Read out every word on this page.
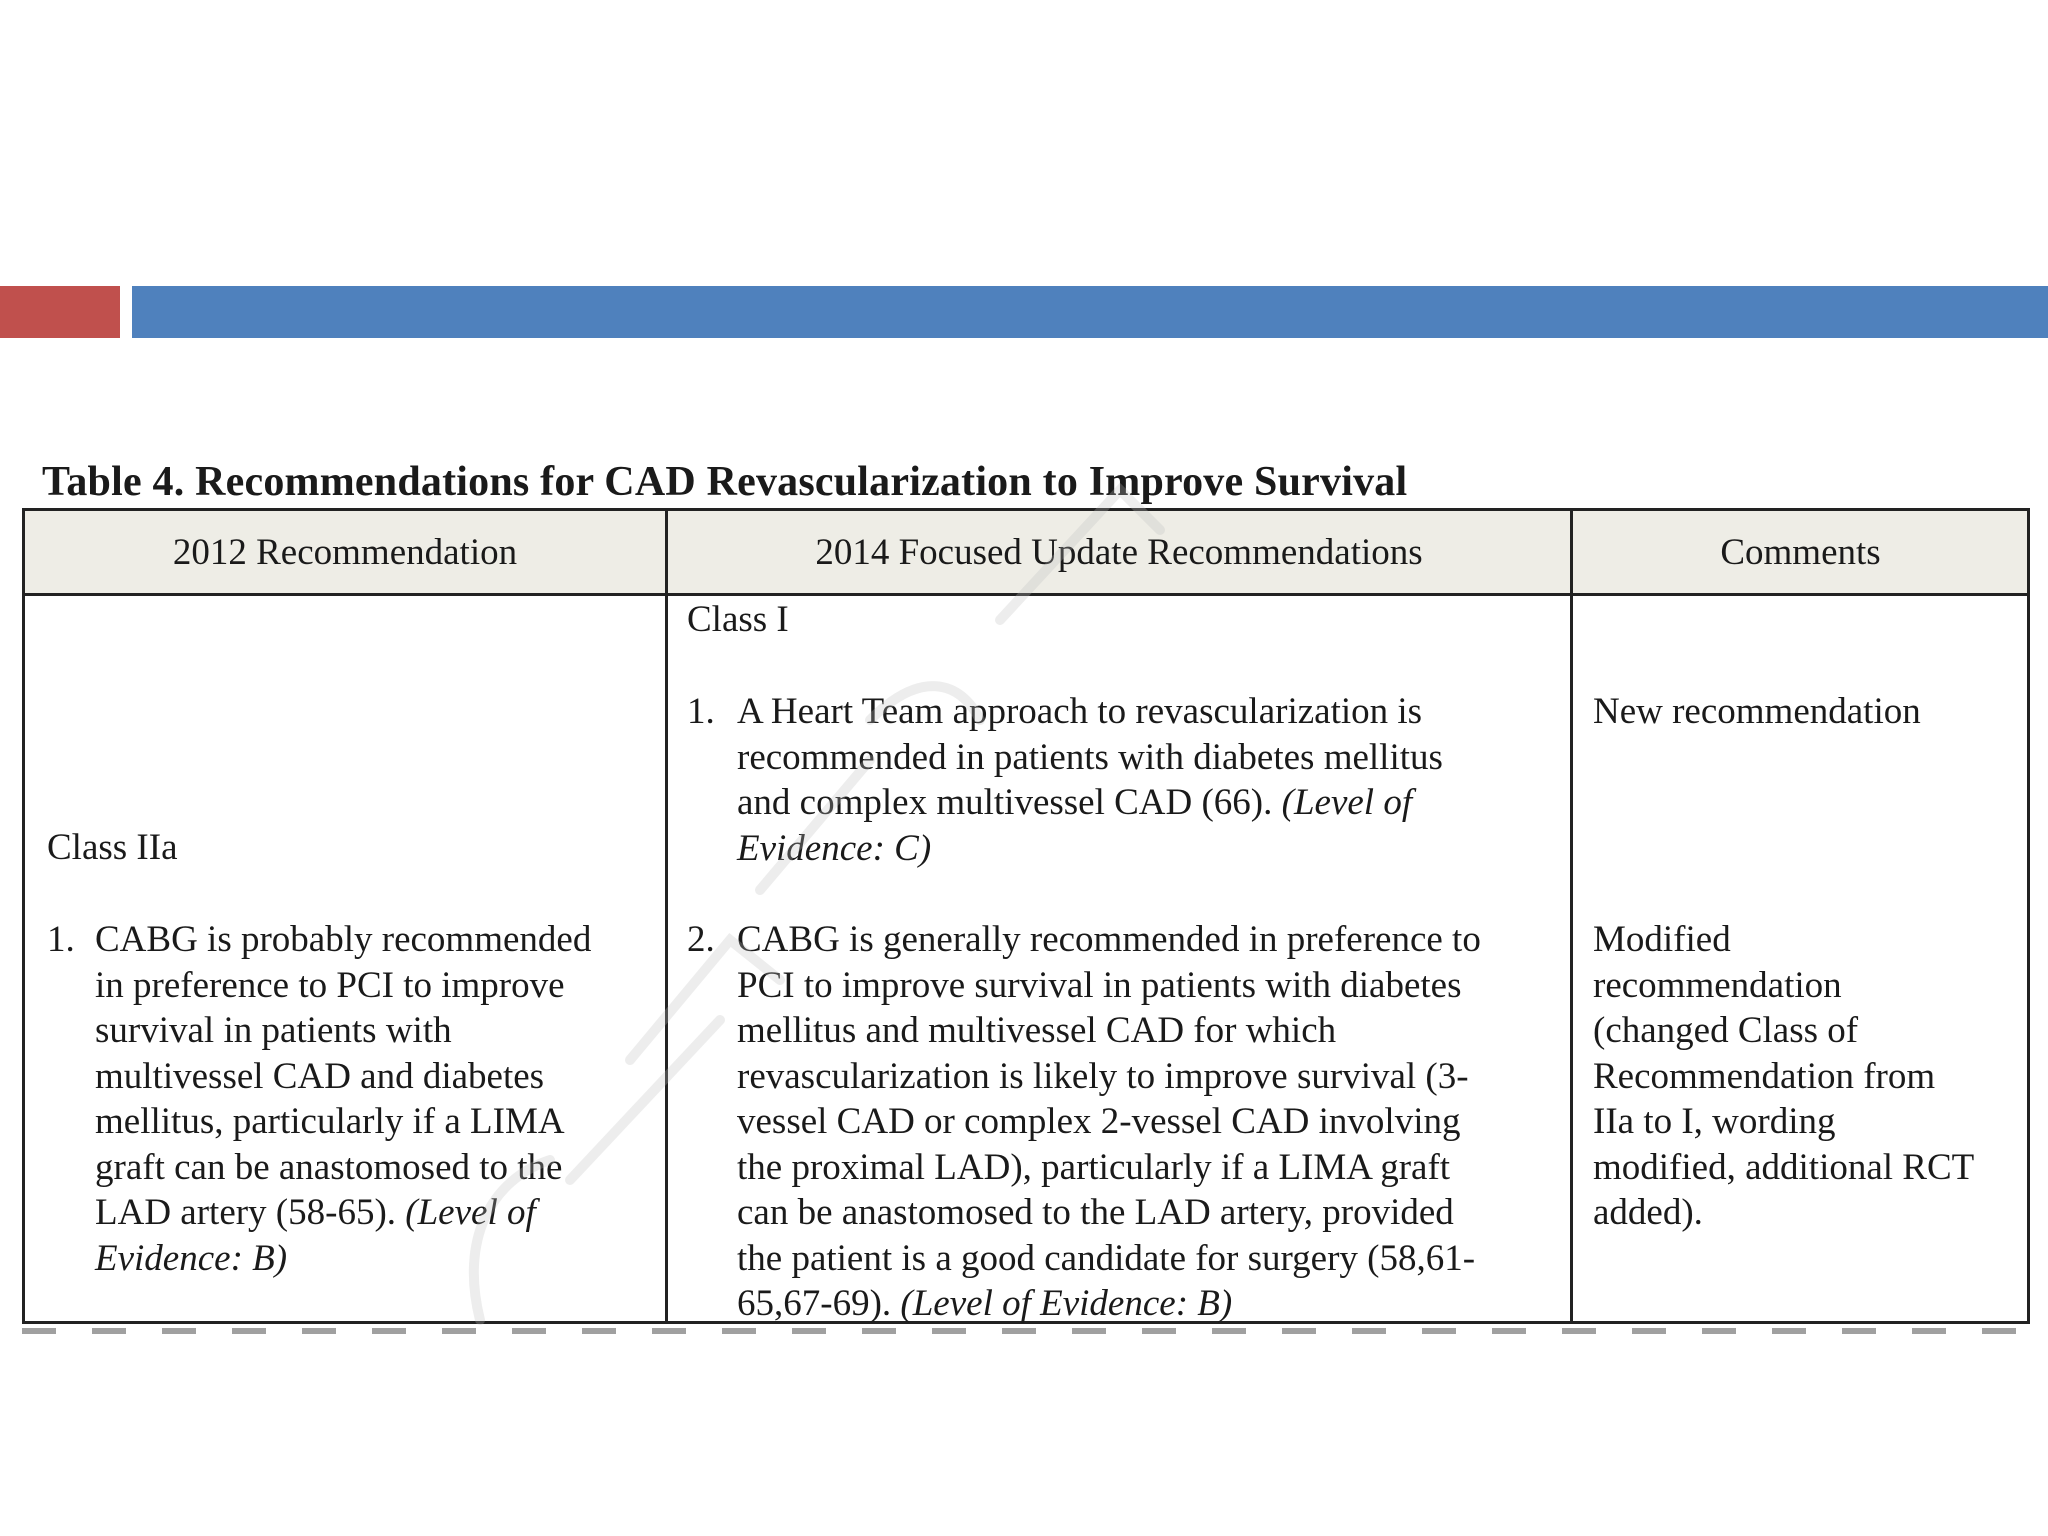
Table 4. Recommendations for CAD Revascularization to Improve Survival
2012 Recommendation	2014 Focused Update Recommendations	Comments
Class IIa
1. CABG is probably recommended
in preference to PCI to improve
survival in patients with
multivessel CAD and diabetes
mellitus, particularly if a LIMA
graft can be anastomosed to the
LAD artery (58-65). (Level of
Evidence: B)
Class I
1. A Heart Team approach to revascularization is
recommended in patients with diabetes mellitus
and complex multivessel CAD (66). (Level of
Evidence: C)
2. CABG is generally recommended in preference to
PCI to improve survival in patients with diabetes
mellitus and multivessel CAD for which
revascularization is likely to improve survival (3-
vessel CAD or complex 2-vessel CAD involving
the proximal LAD), particularly if a LIMA graft
can be anastomosed to the LAD artery, provided
the patient is a good candidate for surgery (58,61-
65,67-69). (Level of Evidence: B)
New recommendation
Modified
recommendation
(changed Class of
Recommendation from
IIa to I, wording
modified, additional RCT
added).
